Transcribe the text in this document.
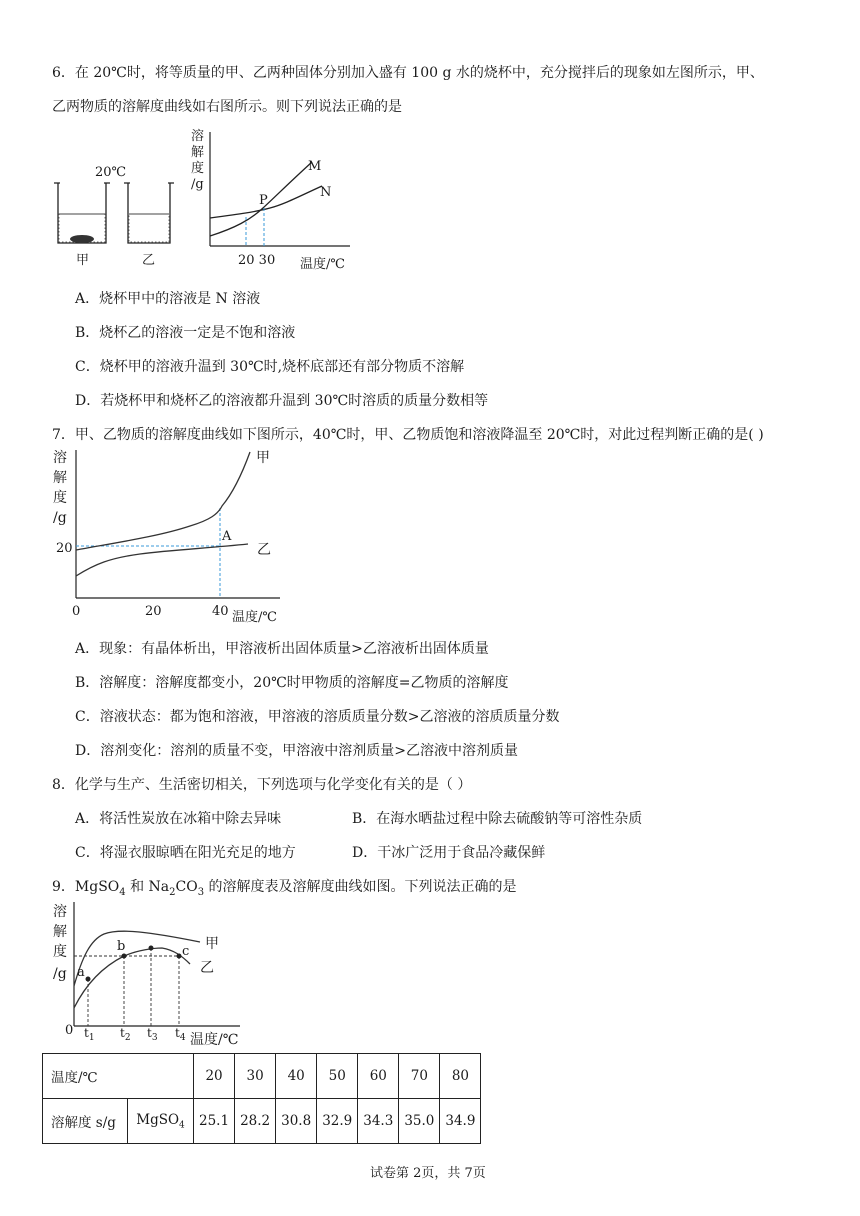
6．在 20℃时，将等质量的甲、乙两种固体分别加入盛有 100 g 水的烧杯中，充分搅拌后的现象如左图所示，甲、
乙两物质的溶解度曲线如右图所示。则下列说法正确的是
20℃
甲	乙
溶
解
度
/g
P
M
N
20 30 温度/℃
A．烧杯甲中的溶液是 N 溶液
B．烧杯乙的溶液一定是不饱和溶液
C．烧杯甲的溶液升温到 30℃时,烧杯底部还有部分物质不溶解
D．若烧杯甲和烧杯乙的溶液都升温到 30℃时溶质的质量分数相等
7．甲、乙物质的溶解度曲线如下图所示，40℃时，甲、乙物质饱和溶液降温至 20℃时，对此过程判断正确的是( )
溶
解
度
/g
20
甲
A
乙
0	20	40 温度/℃
A．现象：有晶体析出，甲溶液析出固体质量>乙溶液析出固体质量
B．溶解度：溶解度都变小，20℃时甲物质的溶解度=乙物质的溶解度
C．溶液状态：都为饱和溶液，甲溶液的溶质质量分数>乙溶液的溶质质量分数
D．溶剂变化：溶剂的质量不变，甲溶液中溶剂质量>乙溶液中溶剂质量
8．化学与生产、生活密切相关，下列选项与化学变化有关的是（ ）
A．将活性炭放在冰箱中除去异味	B．在海水晒盐过程中除去硫酸钠等可溶性杂质
C．将湿衣服晾晒在阳光充足的地方	D．干冰广泛用于食品冷藏保鲜
9．MgSO$_4$ 和 $Na_2CO_3$ 的溶解度表及溶解度曲线如图。下列说法正确的是
溶
解
度
/g a
b	c 甲
乙
0 $t_1$ $t_2$ $t_3$ $t_4$ 温度/℃
温度/℃		20	30	40	50	60	70	80
溶解度 s/g	MgSO$_4$	25.1	28.2	30.8	32.9	34.3	35.0	34.9
试卷第 2页，共 7页
